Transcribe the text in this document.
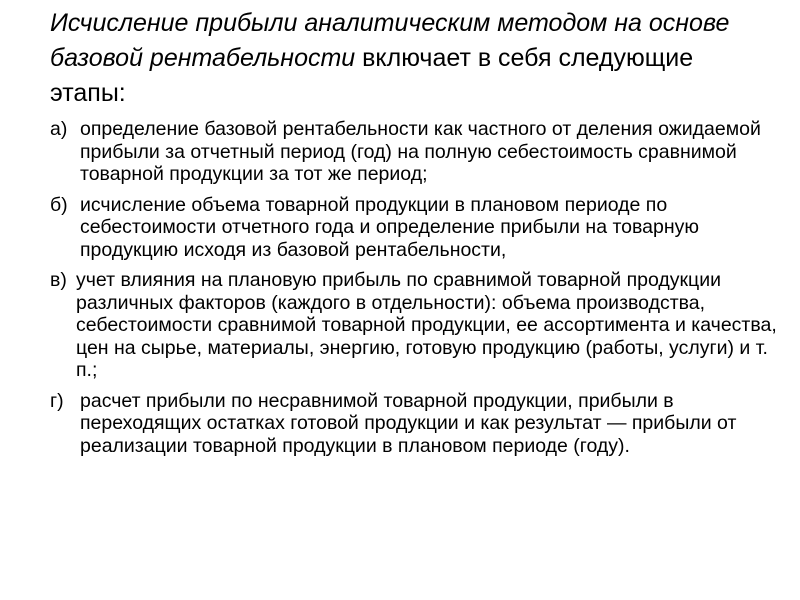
Исчисление прибыли аналитическим методом на основе базовой рентабельности включает в себя следующие этапы:
а) определение базовой рентабельности как частного от деления ожидаемой прибыли за отчетный период (год) на полную себестоимость сравнимой товарной продукции за тот же период;
б) исчисление объема товарной продукции в плановом периоде по себестоимости отчетного года и определение прибыли на товарную продукцию исходя из базовой рентабельности,
в) учет влияния на плановую прибыль по сравнимой товарной продукции различных факторов (каждого в отдельности): объема производства, себестоимости сравнимой товарной продукции, ее ассортимента и качества, цен на сырье, материалы, энергию, готовую продукцию (работы, услуги) и т. п.;
г) расчет прибыли по несравнимой товарной продукции, прибыли в переходящих остатках готовой продукции и как результат — прибыли от реализации товарной продукции в плановом периоде (году).
